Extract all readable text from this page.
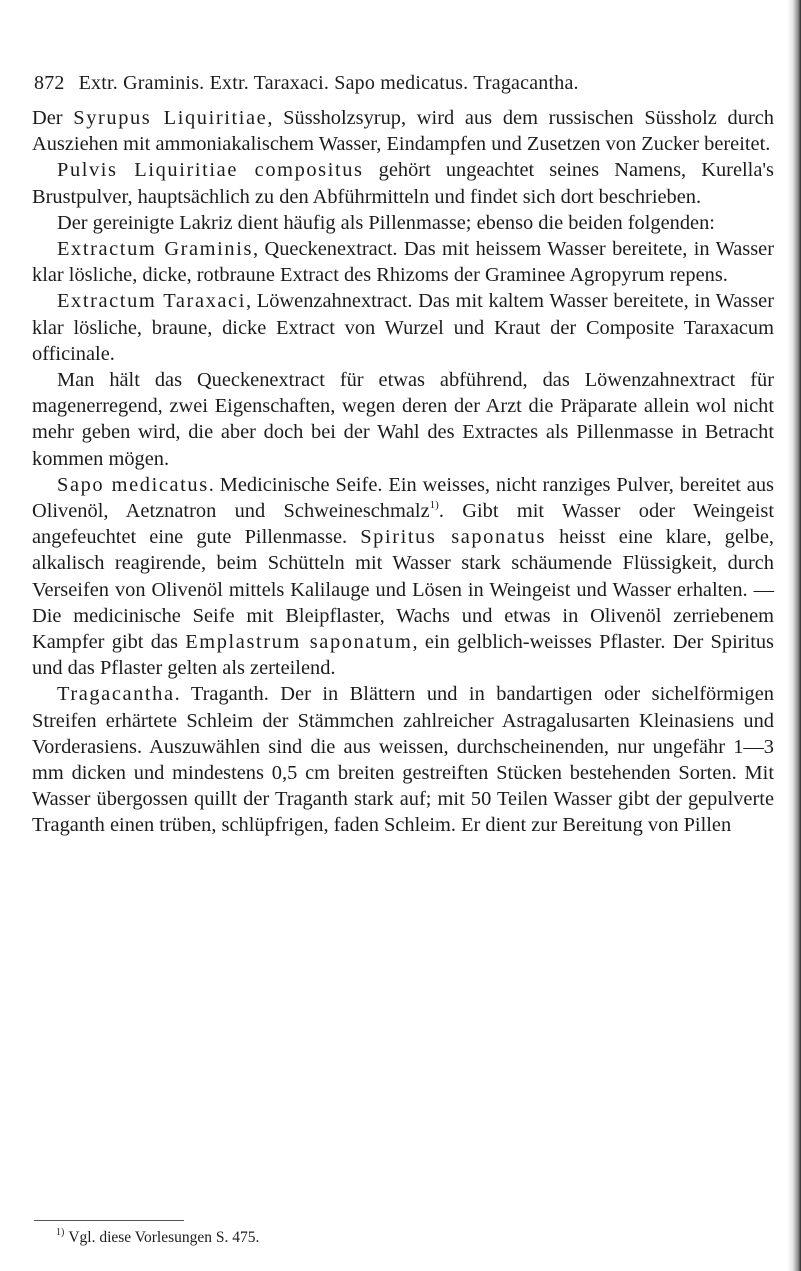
872 Extr. Graminis. Extr. Taraxaci. Sapo medicatus. Tragacantha.

Der Syrupus Liquiritiae, Süssholzsyrup, wird aus dem russischen Süssholz durch Ausziehen mit ammoniakalischem Wasser, Eindampfen und Zusetzen von Zucker bereitet.

Pulvis Liquiritiae compositus gehört ungeachtet seines Namens, Kurella's Brustpulver, hauptsächlich zu den Abführmitteln und findet sich dort beschrieben.

Der gereinigte Lakriz dient häufig als Pillenmasse; ebenso die beiden folgenden:

Extractum Graminis, Queckenextract. Das mit heissem Wasser bereitete, in Wasser klar lösliche, dicke, rotbraune Extract des Rhizoms der Graminee Agropyrum repens.

Extractum Taraxaci, Löwenzahnextract. Das mit kaltem Wasser bereitete, in Wasser klar lösliche, braune, dicke Extract von Wurzel und Kraut der Composite Taraxacum officinale.

Man hält das Queckenextract für etwas abführend, das Löwenzahnextract für magenerregend, zwei Eigenschaften, wegen deren der Arzt die Präparate allein wol nicht mehr geben wird, die aber doch bei der Wahl des Extractes als Pillenmasse in Betracht kommen mögen.

Sapo medicatus. Medicinische Seife. Ein weisses, nicht ranziges Pulver, bereitet aus Olivenöl, Aetznatron und Schweineschmalz$^{1)}$. Gibt mit Wasser oder Weingeist angefeuchtet eine gute Pillenmasse. Spiritus saponatus heisst eine klare, gelbe, alkalisch reagirende, beim Schütteln mit Wasser stark schäumende Flüssigkeit, durch Verseifen von Olivenöl mittels Kalilauge und Lösen in Weingeist und Wasser erhalten. — Die medicinische Seife mit Bleipflaster, Wachs und etwas in Olivenöl zerriebenem Kampfer gibt das Emplastrum saponatum, ein gelblich-weisses Pflaster. Der Spiritus und das Pflaster gelten als zerteilend.

Tragacantha. Traganth. Der in Blättern und in bandartigen oder sichelförmigen Streifen erhärtete Schleim der Stämmchen zahlreicher Astragalusarten Kleinasiens und Vorderasiens. Auszuwählen sind die aus weissen, durchscheinenden, nur ungefähr 1—3 mm dicken und mindestens 0,5 cm breiten gestreiften Stücken bestehenden Sorten. Mit Wasser übergossen quillt der Traganth stark auf; mit 50 Teilen Wasser gibt der gepulverte Traganth einen trüben, schlüpfrigen, faden Schleim. Er dient zur Bereitung von Pillen

$^{1)}$ Vgl. diese Vorlesungen S. 475.
